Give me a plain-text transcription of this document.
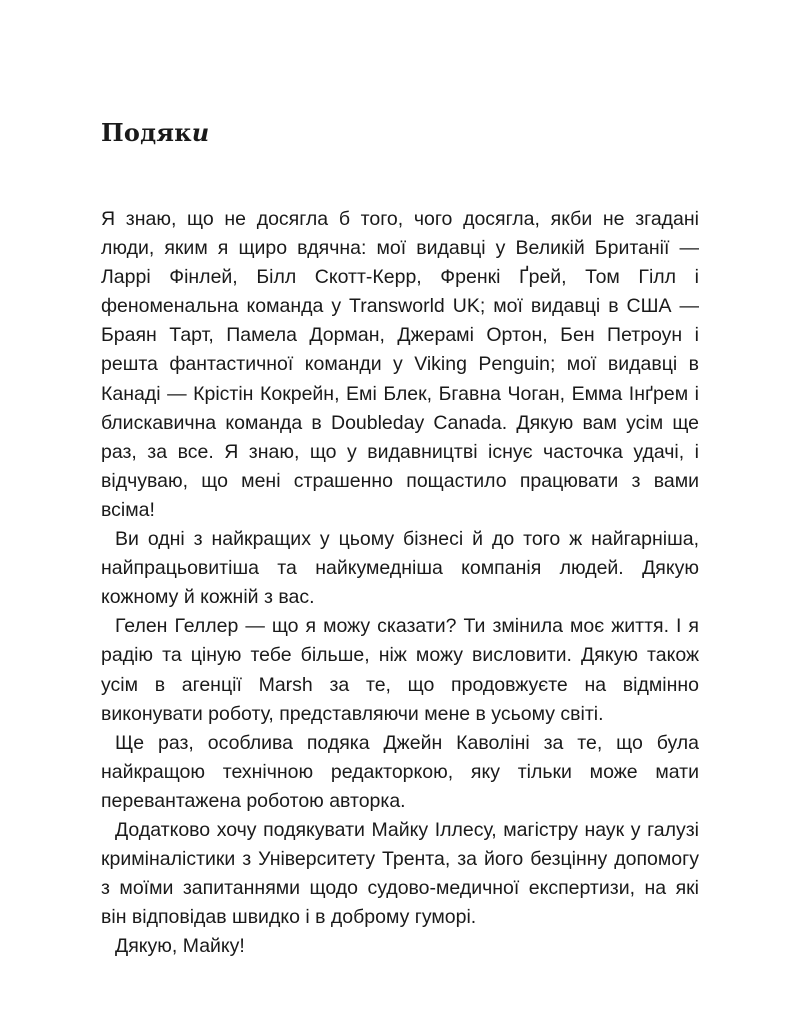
Подяки

Я знаю, що не досягла б того, чого досягла, якби не згадані люди, яким я щиро вдячна: мої видавці у Великій Британії — Ларрі Фінлей, Білл Скотт-Керр, Френкі Ґрей, Том Гілл і феноменальна команда у Transworld UK; мої видавці в США — Браян Тарт, Памела Дорман, Джерамі Ортон, Бен Петроун і решта фантастичної команди у Viking Penguin; мої видавці в Канаді — Крістін Кокрейн, Емі Блек, Бгавна Чоган, Емма Інґрем і блискавична команда в Doubleday Canada. Дякую вам усім ще раз, за все. Я знаю, що у видавництві існує часточка удачі, і відчуваю, що мені страшенно пощастило працювати з вами всіма!

Ви одні з найкращих у цьому бізнесі й до того ж найгарніша, найпрацьовитіша та найкумедніша компанія людей. Дякую кожному й кожній з вас.

Гелен Геллер — що я можу сказати? Ти змінила моє життя. І я радію та ціную тебе більше, ніж можу висловити. Дякую також усім в агенції Marsh за те, що продовжуєте на відмінно виконувати роботу, представляючи мене в усьому світі.

Ще раз, особлива подяка Джейн Каволіні за те, що була найкращою технічною редакторкою, яку тільки може мати перевантажена роботою авторка.

Додатково хочу подякувати Майку Іллесу, магістру наук у галузі криміналістики з Університету Трента, за його безцінну допомогу з моїми запитаннями щодо судово-медичної експертизи, на які він відповідав швидко і в доброму гуморі.

Дякую, Майку!
